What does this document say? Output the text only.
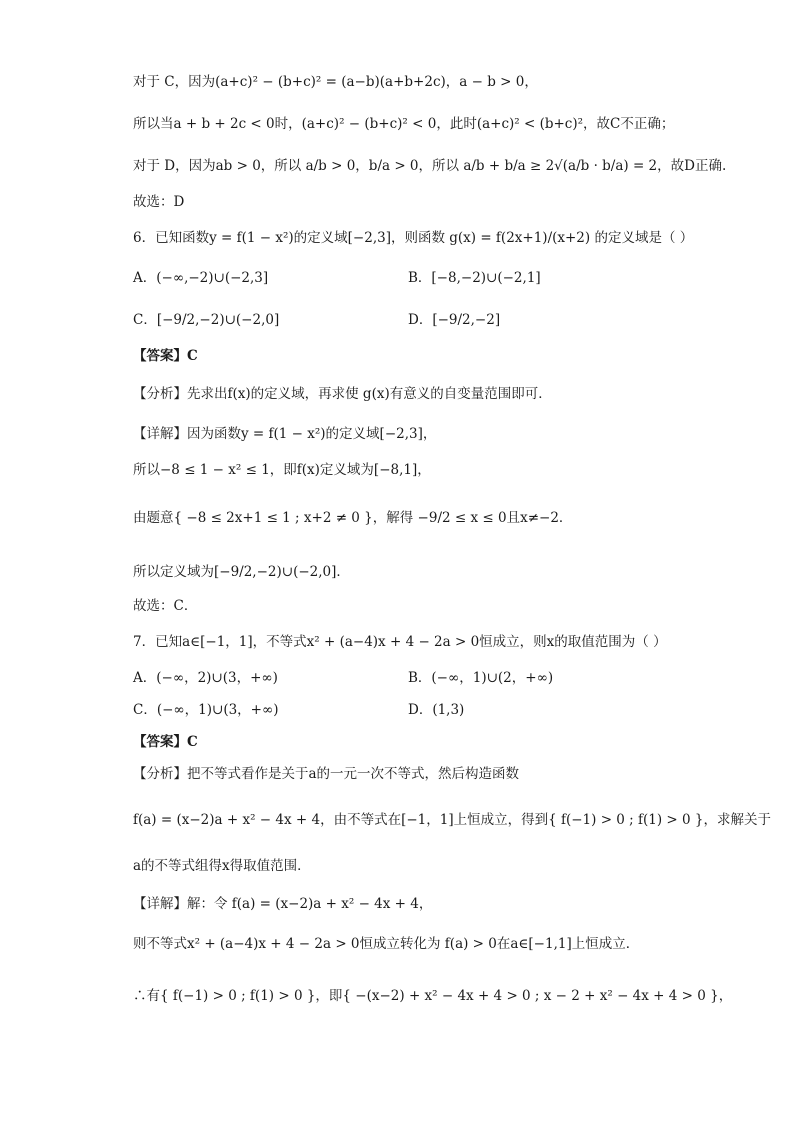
对于 C，因为(a+c)² − (b+c)² = (a−b)(a+b+2c)，a − b > 0，
所以当a + b + 2c < 0时，(a+c)² − (b+c)² < 0，此时(a+c)² < (b+c)²，故C不正确；
对于 D，因为ab > 0，所以 a/b > 0，b/a > 0，所以 a/b + b/a ≥ 2√(a/b · b/a) = 2，故D正确.
故选：D
6．已知函数y = f(1 − x²)的定义域[−2,3]，则函数 g(x) = f(2x+1)/(x+2) 的定义域是（ ）
A．(−∞,−2)∪(−2,3]	B．[−8,−2)∪(−2,1]
C．[−9/2,−2)∪(−2,0]	D．[−9/2,−2]
【答案】C
【分析】先求出f(x)的定义域，再求使 g(x)有意义的自变量范围即可．
【详解】因为函数y = f(1 − x²)的定义域[−2,3]，
所以−8 ≤ 1 − x² ≤ 1，即f(x)定义域为[−8,1]，
由题意{ −8 ≤ 2x+1 ≤ 1 ; x+2 ≠ 0 }，解得 −9/2 ≤ x ≤ 0且x≠−2．
所以定义域为[−9/2,−2)∪(−2,0]．
故选：C．
7．已知a∈[−1，1]，不等式x² + (a−4)x + 4 − 2a > 0恒成立，则x的取值范围为（ ）
A．(−∞，2)∪(3，+∞)	B．(−∞，1)∪(2，+∞)
C．(−∞，1)∪(3，+∞)	D．(1,3)
【答案】C
【分析】把不等式看作是关于a的一元一次不等式，然后构造函数
f(a) = (x−2)a + x² − 4x + 4，由不等式在[−1，1]上恒成立，得到{ f(−1) > 0 ; f(1) > 0 }，求解关于
a的不等式组得x得取值范围．
【详解】解：令 f(a) = (x−2)a + x² − 4x + 4，
则不等式x² + (a−4)x + 4 − 2a > 0恒成立转化为 f(a) > 0在a∈[−1,1]上恒成立．
∴有{ f(−1) > 0 ; f(1) > 0 }，即{ −(x−2) + x² − 4x + 4 > 0 ; x − 2 + x² − 4x + 4 > 0 }，
